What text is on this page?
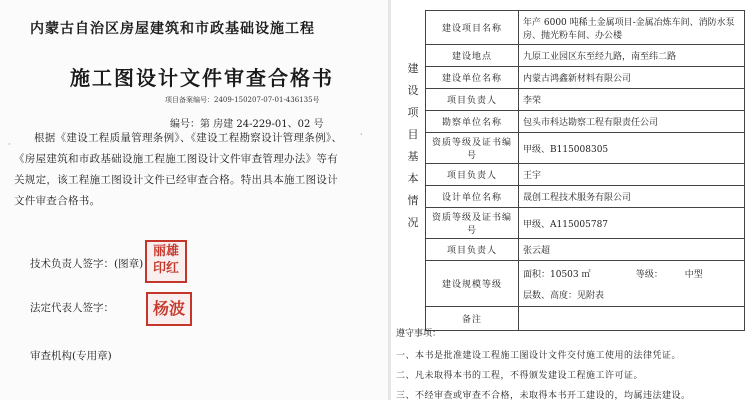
内蒙古自治区房屋建筑和市政基础设施工程
施工图设计文件审查合格书
项目备案编号：2409-150207-07-01-436135号
编号：第 房建 24-229-01、02 号
根据《建设工程质量管理条例》、《建设工程勘察设计管理条例》、《房屋建筑和市政基础设施工程施工图设计文件审查管理办法》等有关规定，该工程施工图设计文件已经审查合格。特出具本施工图设计文件审查合格书。
·
·
技术负责人签字：(图章)
丽雄
印红
法定代表人签字：	杨波
审查机构(专用章)
建
设
项
目
基
本
情
况
建设项目名称	年产 6000 吨稀土金属项目-金属冶炼车间、消防水泵房、抛光粉车间、办公楼
建设地点	九原工业园区东至经九路，南至纬二路
建设单位名称	内蒙古鸿鑫新材料有限公司
项目负责人	李荣
勘察单位名称	包头市科达勘察工程有限责任公司
资质等级及证书编号	甲级、B115008305
项目负责人	王宇
设计单位名称	晟创工程技术服务有限公司
资质等级及证书编号	甲级、A115005787
项目负责人	张云超
建设规模等级	面积：10503 ㎡ 等级： 中型
层数、高度：见附表

备注	
遵守事项：
一、本书是批准建设工程施工图设计文件交付施工使用的法律凭证。
二、凡未取得本书的工程，不得颁发建设工程施工许可证。
三、不经审查或审查不合格，未取得本书开工建设的，均属违法建设。
